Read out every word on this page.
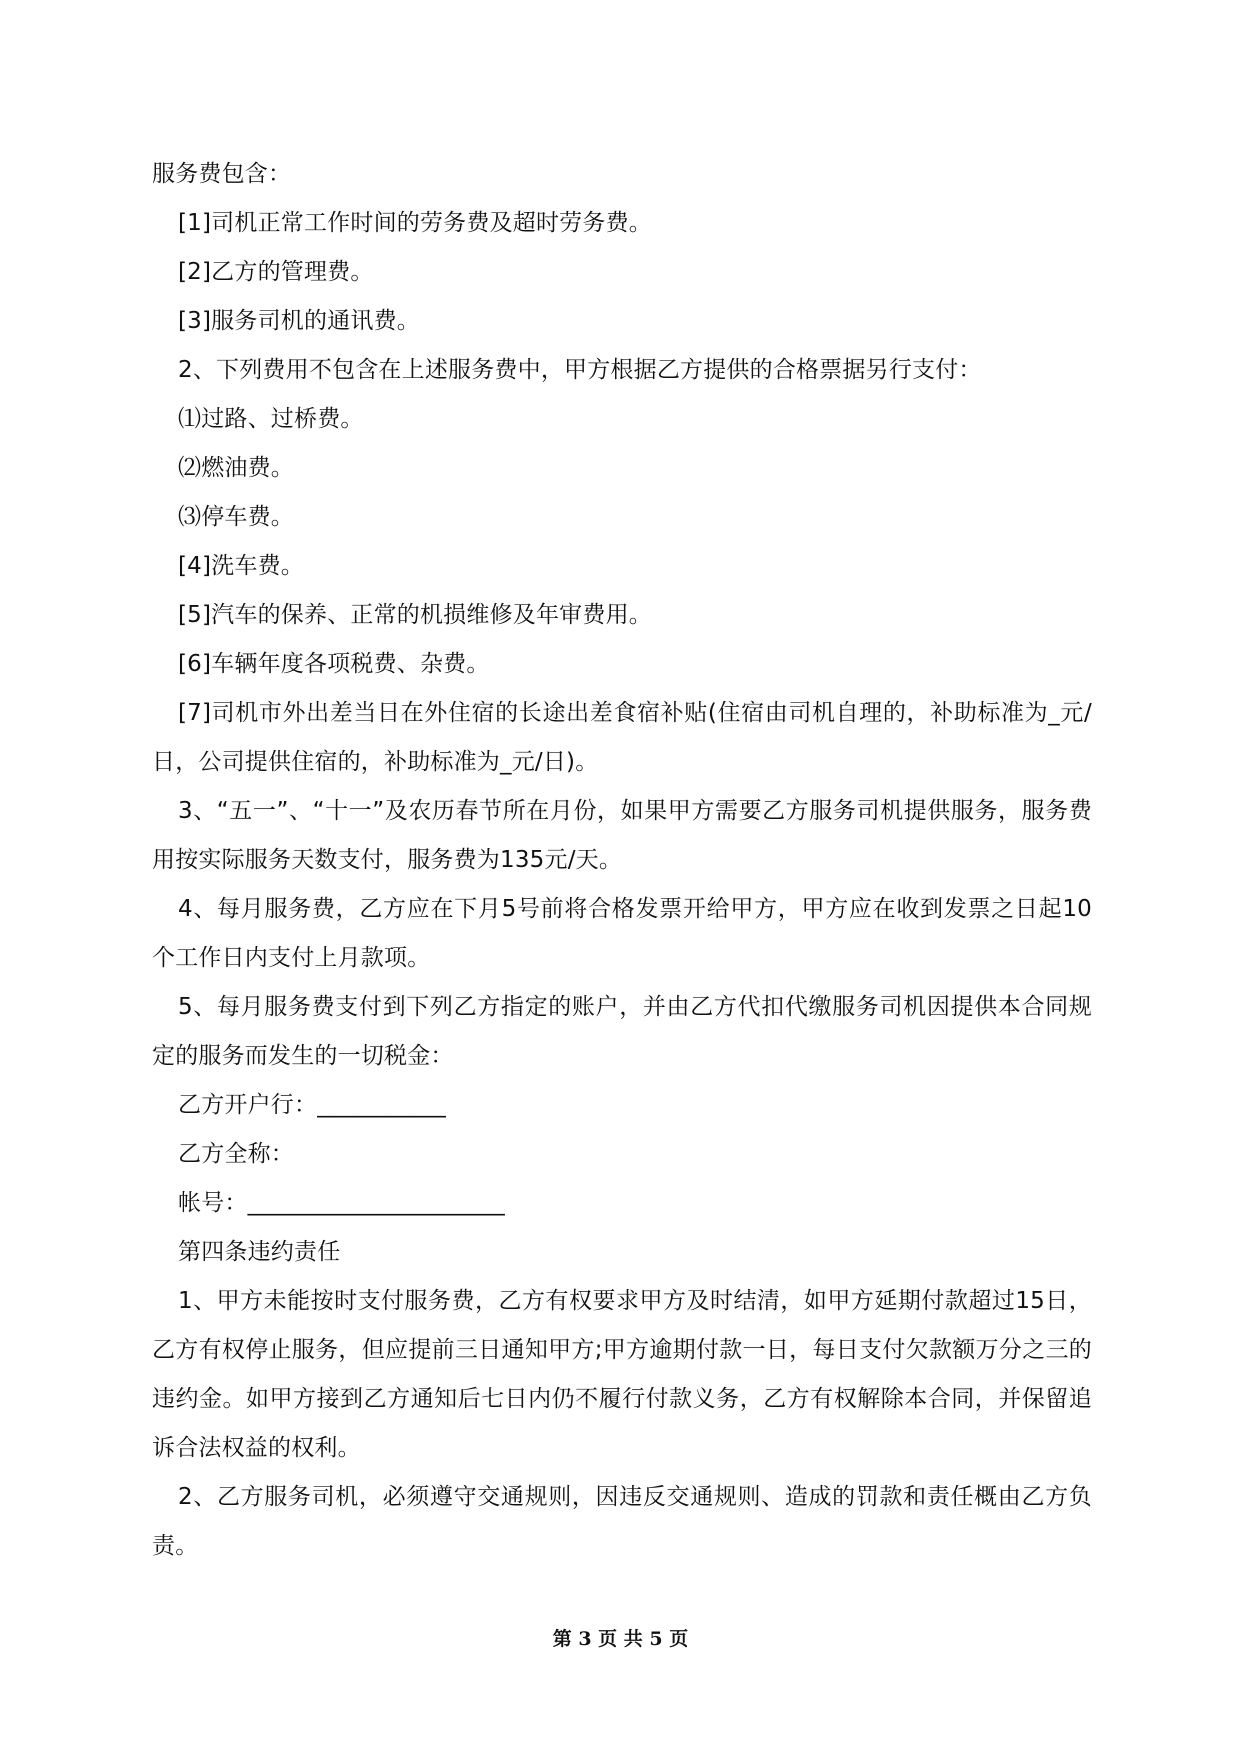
服务费包含：

[1]司机正常工作时间的劳务费及超时劳务费。

[2]乙方的管理费。

[3]服务司机的通讯费。

2、下列费用不包含在上述服务费中，甲方根据乙方提供的合格票据另行支付：

⑴过路、过桥费。

⑵燃油费。

⑶停车费。

[4]洗车费。

[5]汽车的保养、正常的机损维修及年审费用。

[6]车辆年度各项税费、杂费。

[7]司机市外出差当日在外住宿的长途出差食宿补贴(住宿由司机自理的，补助标准为_元/日，公司提供住宿的，补助标准为_元/日)。

3、“五一”、“十一”及农历春节所在月份，如果甲方需要乙方服务司机提供服务，服务费用按实际服务天数支付，服务费为135元/天。

4、每月服务费，乙方应在下月5号前将合格发票开给甲方，甲方应在收到发票之日起10个工作日内支付上月款项。

5、每月服务费支付到下列乙方指定的账户，并由乙方代扣代缴服务司机因提供本合同规定的服务而发生的一切税金：

乙方开户行：___________

乙方全称：

帐号：______________________

第四条违约责任

1、甲方未能按时支付服务费，乙方有权要求甲方及时结清，如甲方延期付款超过15日，乙方有权停止服务，但应提前三日通知甲方;甲方逾期付款一日，每日支付欠款额万分之三的违约金。如甲方接到乙方通知后七日内仍不履行付款义务，乙方有权解除本合同，并保留追诉合法权益的权利。

2、乙方服务司机，必须遵守交通规则，因违反交通规则、造成的罚款和责任概由乙方负责。

第 3 页 共 5 页
